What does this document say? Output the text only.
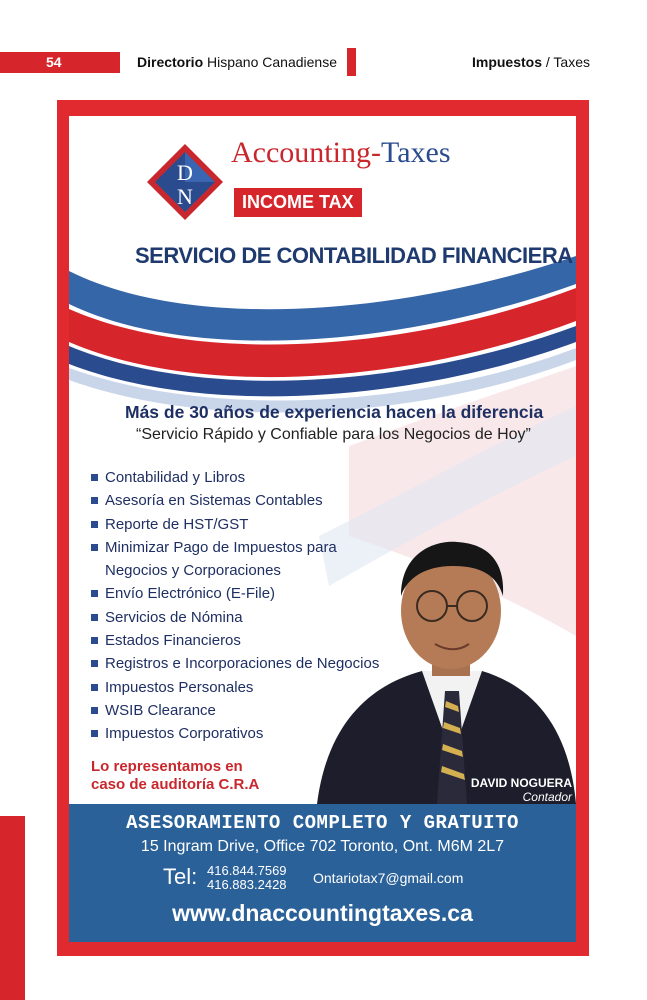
54	Directorio Hispano Canadiense	Impuestos / Taxes
D
N
Accounting-Taxes
INCOME TAX
SERVICIO DE CONTABILIDAD FINANCIERA
Más de 30 años de experiencia hacen la diferencia
“Servicio Rápido y Confiable para los Negocios de Hoy”
Contabilidad y Libros
Asesoría en Sistemas Contables
Reporte de HST/GST
Minimizar Pago de Impuestos para
Negocios y Corporaciones
Envío Electrónico (E-File)
Servicios de Nómina
Estados Financieros
Registros e Incorporaciones de Negocios
Impuestos Personales
WSIB Clearance
Impuestos Corporativos
Lo representamos en
caso de auditoría C.R.A	DAVID NOGUERA
Contador
ASESORAMIENTO COMPLETO Y GRATUITO
15 Ingram Drive, Office 702 Toronto, Ont. M6M 2L7
Tel: 416.844.7569
416.883.2428 Ontariotax7@gmail.com
www.dnaccountingtaxes.ca
